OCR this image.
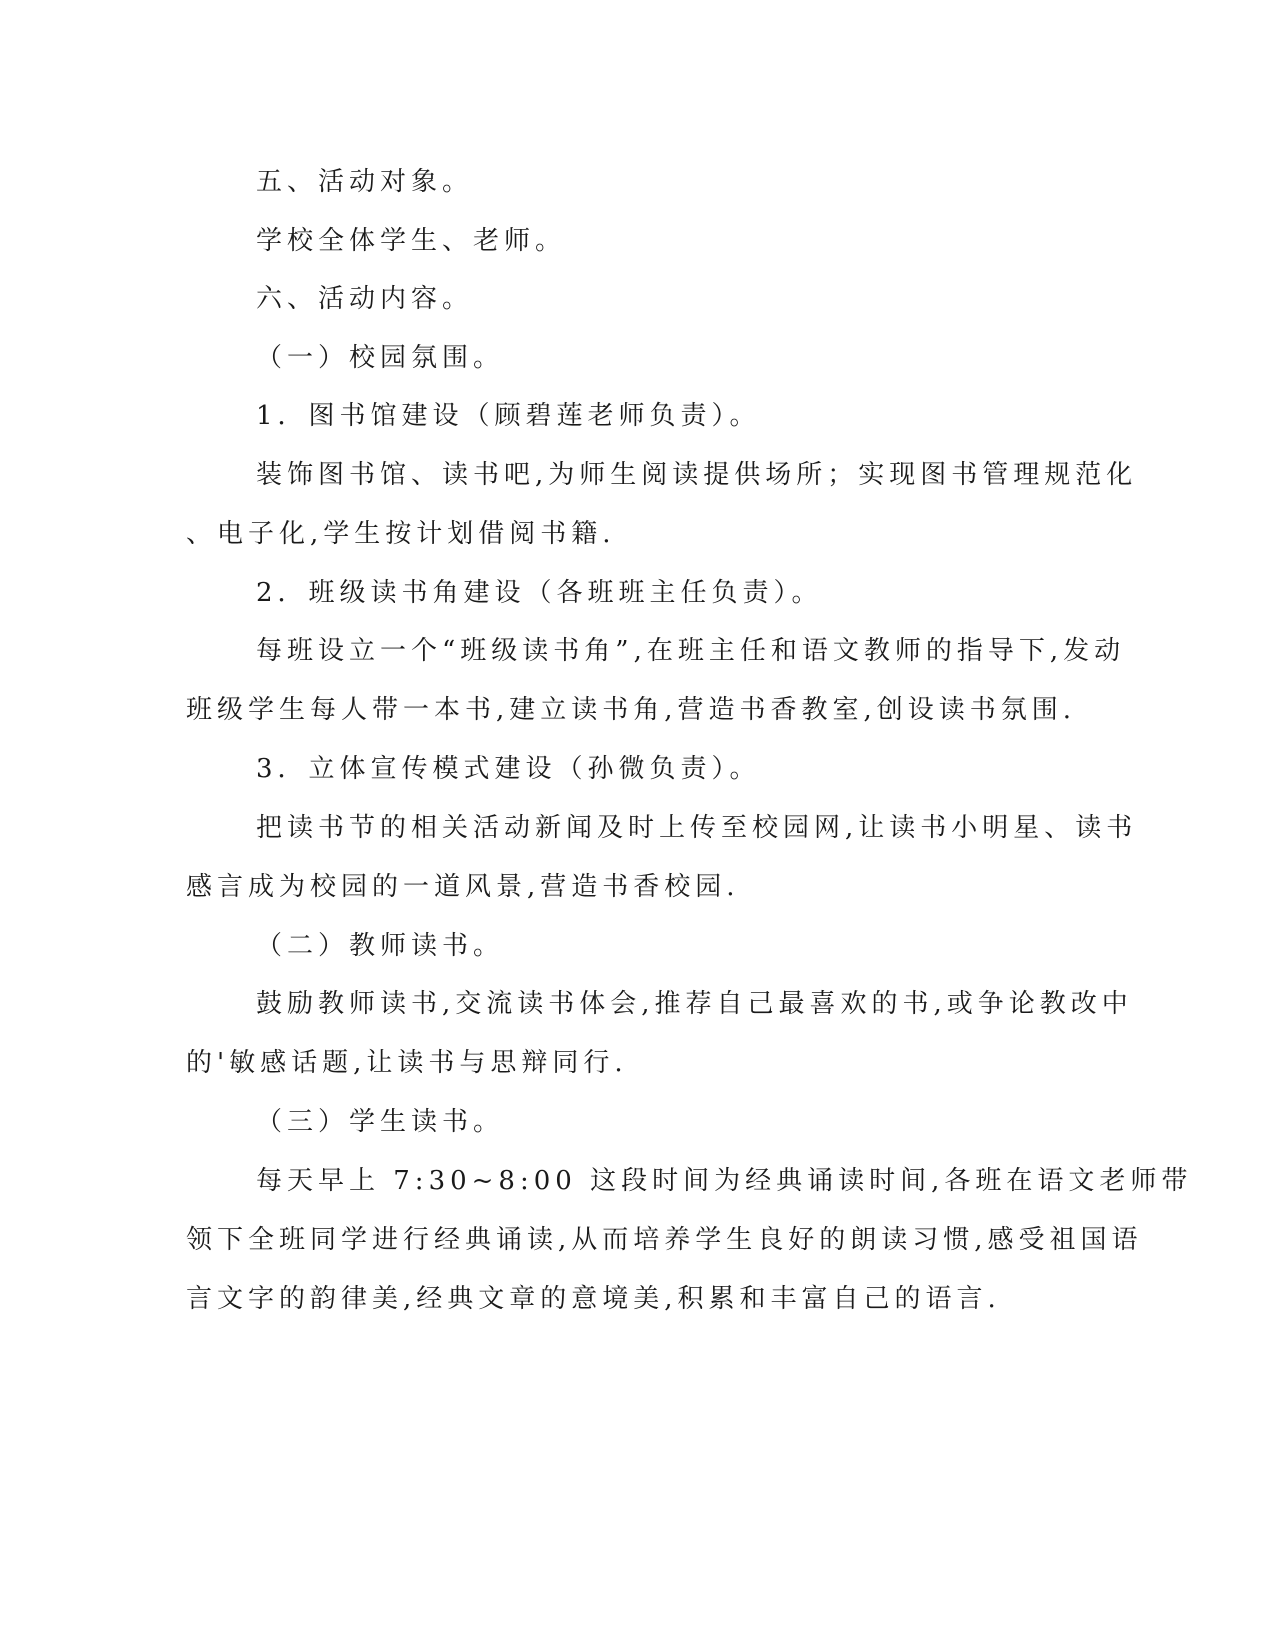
五、活动对象。

学校全体学生、老师。

六、活动内容。

（一）校园氛围。

1．图书馆建设（顾碧莲老师负责）。

装饰图书馆、读书吧,为师生阅读提供场所；实现图书管理规范化

、电子化,学生按计划借阅书籍.

2．班级读书角建设（各班班主任负责）。

每班设立一个“班级读书角”,在班主任和语文教师的指导下,发动

班级学生每人带一本书,建立读书角,营造书香教室,创设读书氛围.

3．立体宣传模式建设（孙微负责）。

把读书节的相关活动新闻及时上传至校园网,让读书小明星、读书

感言成为校园的一道风景,营造书香校园.

（二）教师读书。

鼓励教师读书,交流读书体会,推荐自己最喜欢的书,或争论教改中

的'敏感话题,让读书与思辩同行.

（三）学生读书。

每天早上 7:30~8:00 这段时间为经典诵读时间,各班在语文老师带

领下全班同学进行经典诵读,从而培养学生良好的朗读习惯,感受祖国语

言文字的韵律美,经典文章的意境美,积累和丰富自己的语言.
